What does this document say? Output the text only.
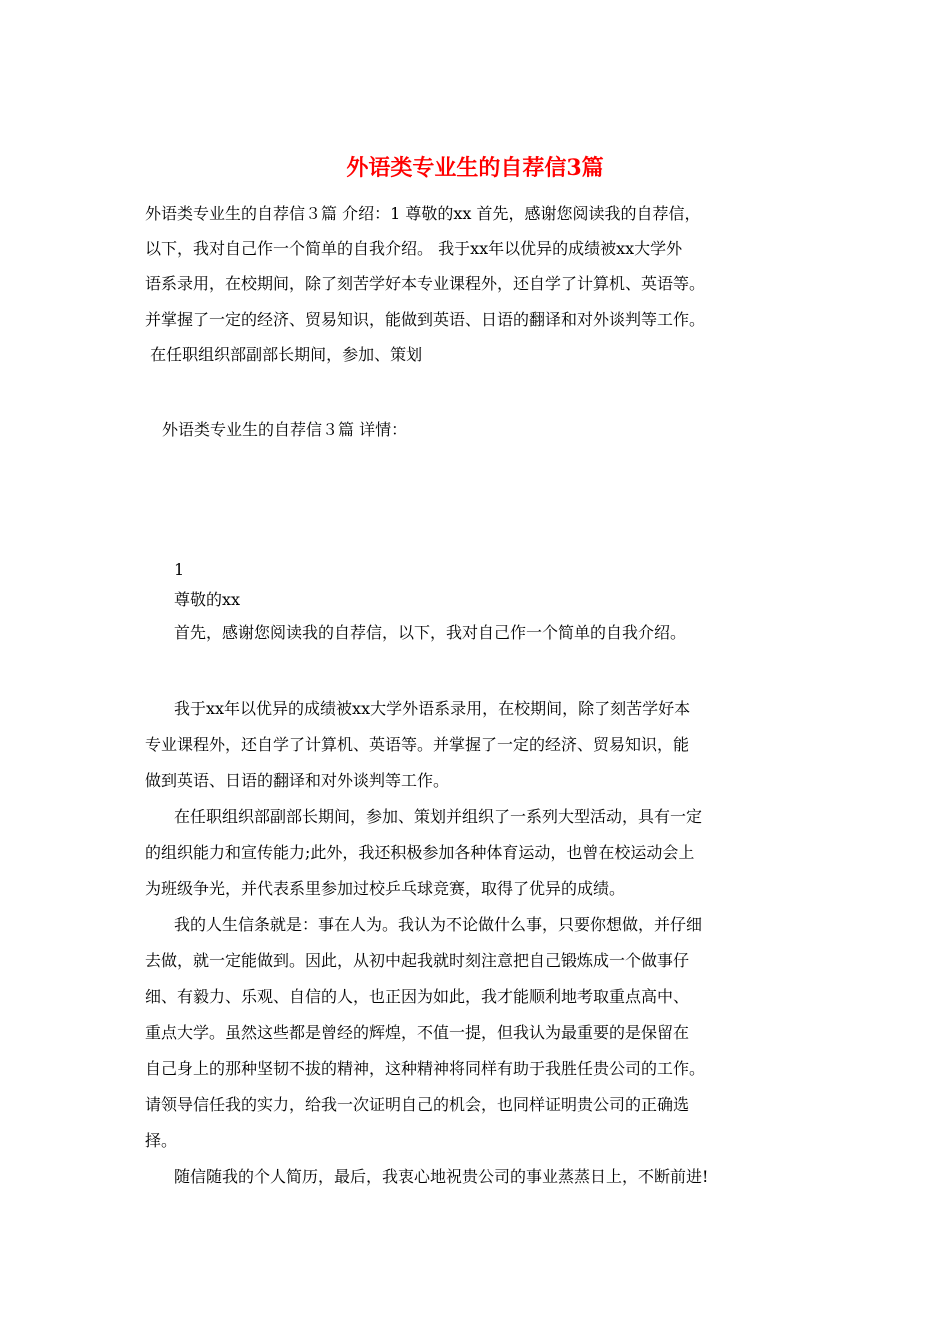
外语类专业生的自荐信3篇
外语类专业生的自荐信３篇 介绍：1 尊敬的xx 首先，感谢您阅读我的自荐信，
以下，我对自己作一个简单的自我介绍。 我于xx年以优异的成绩被xx大学外
语系录用，在校期间，除了刻苦学好本专业课程外，还自学了计算机、英语等。
并掌握了一定的经济、贸易知识，能做到英语、日语的翻译和对外谈判等工作。
在任职组织部副部长期间，参加、策划
外语类专业生的自荐信３篇 详情：
1
尊敬的xx
首先，感谢您阅读我的自荐信，以下，我对自己作一个简单的自我介绍。
我于xx年以优异的成绩被xx大学外语系录用，在校期间，除了刻苦学好本
专业课程外，还自学了计算机、英语等。并掌握了一定的经济、贸易知识，能
做到英语、日语的翻译和对外谈判等工作。
在任职组织部副部长期间，参加、策划并组织了一系列大型活动，具有一定
的组织能力和宣传能力;此外，我还积极参加各种体育运动，也曾在校运动会上
为班级争光，并代表系里参加过校乒乓球竞赛，取得了优异的成绩。
我的人生信条就是：事在人为。我认为不论做什么事，只要你想做，并仔细
去做，就一定能做到。因此，从初中起我就时刻注意把自己锻炼成一个做事仔
细、有毅力、乐观、自信的人，也正因为如此，我才能顺利地考取重点高中、
重点大学。虽然这些都是曾经的辉煌，不值一提，但我认为最重要的是保留在
自己身上的那种坚韧不拔的精神，这种精神将同样有助于我胜任贵公司的工作。
请领导信任我的实力，给我一次证明自己的机会，也同样证明贵公司的正确选
择。
随信随我的个人简历，最后，我衷心地祝贵公司的事业蒸蒸日上，不断前进!
